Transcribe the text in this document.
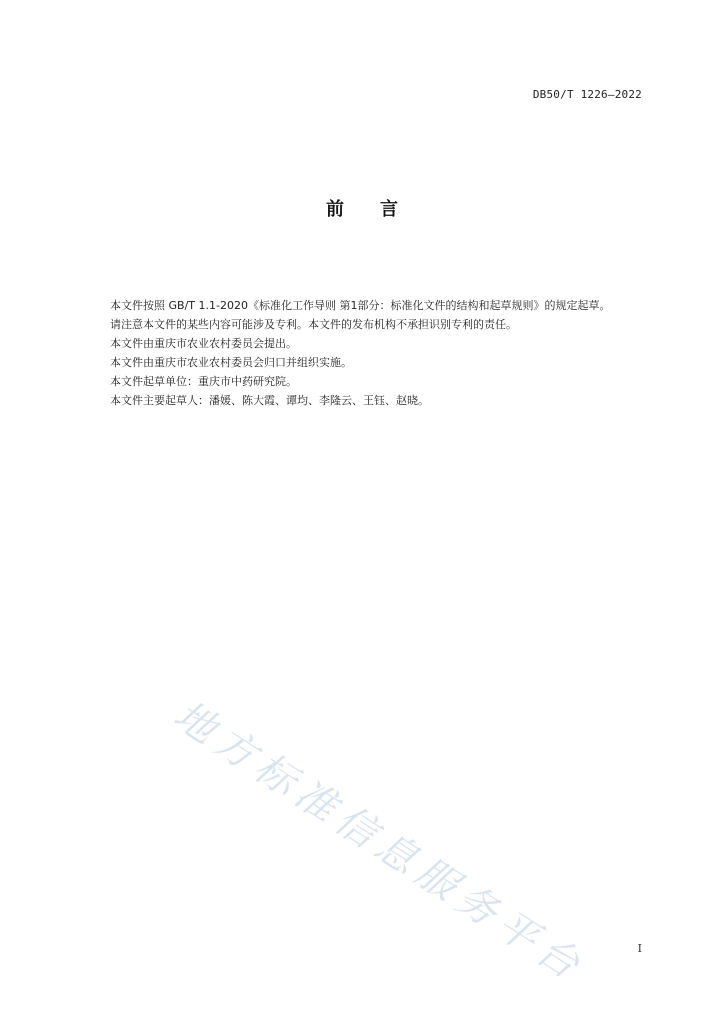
DB50/T 1226—2022
前 言

本文件按照 GB/T 1.1-2020《标准化工作导则 第1部分：标准化文件的结构和起草规则》的规定起草。

请注意本文件的某些内容可能涉及专利。本文件的发布机构不承担识别专利的责任。

本文件由重庆市农业农村委员会提出。

本文件由重庆市农业农村委员会归口并组织实施。

本文件起草单位：重庆市中药研究院。

本文件主要起草人：潘媛、陈大霞、谭均、李隆云、王钰、赵晓。

地方标准信息服务平台	I
